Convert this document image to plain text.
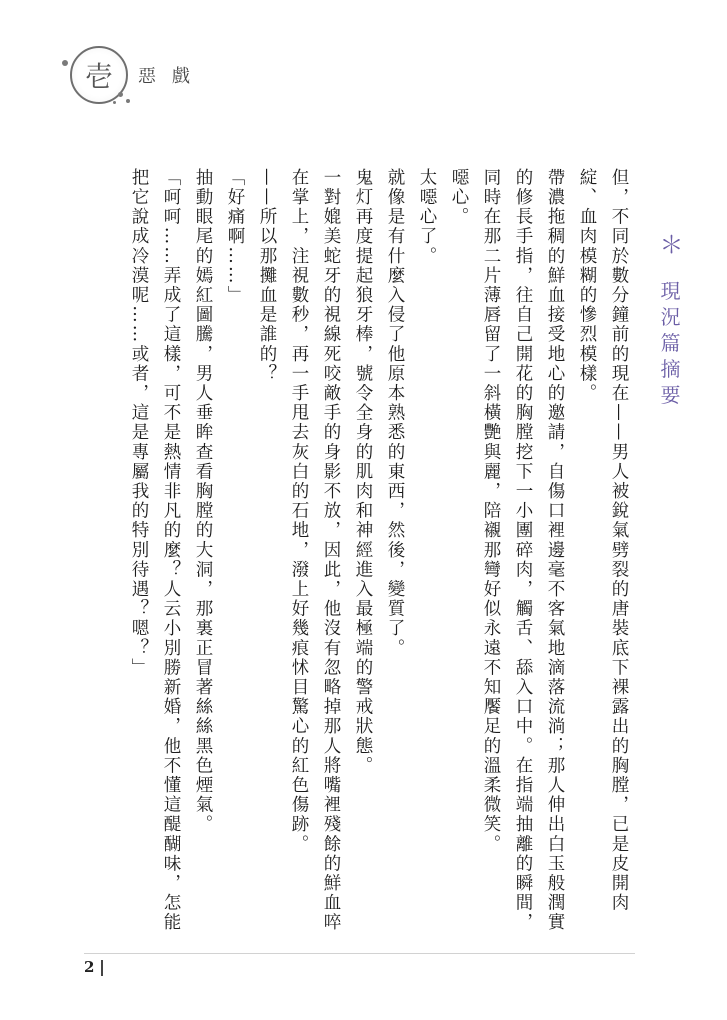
壱 惡戲
＊ 現況篇摘要

但，不同於數分鐘前的現在——男人被銳氣劈裂的唐裝底下裸露出的胸膛，已是皮開肉綻、血肉模糊的慘烈模樣。

帶濃拖稠的鮮血接受地心的邀請，自傷口裡邊毫不客氣地滴落流淌；那人伸出白玉般潤實的修長手指，往自己開花的胸膛挖下一小團碎肉，觸舌、舔入口中。在指端抽離的瞬間，同時在那二片薄唇留了一斜橫艷與麗，陪襯那彎好似永遠不知饜足的溫柔微笑。

噁心。

太噁心了。

就像是有什麼入侵了他原本熟悉的東西，然後，變質了。

鬼灯再度提起狼牙棒，號令全身的肌肉和神經進入最極端的警戒狀態。

一對媲美蛇牙的視線死咬敵手的身影不放，因此，他沒有忽略掉那人將嘴裡殘餘的鮮血啐在掌上，注視數秒，再一手甩去灰白的石地，潑上好幾痕怵目驚心的紅色傷跡。

——所以那攤血是誰的？

「好痛啊……」

抽動眼尾的嫣紅圖騰，男人垂眸查看胸膛的大洞，那裏正冒著絲絲黑色煙氣。

「呵呵……弄成了這樣，可不是熱情非凡的麼？人云小別勝新婚，他不懂這醍醐味，怎能把它說成冷漠呢……或者，這是專屬我的特別待遇？嗯？」

2
